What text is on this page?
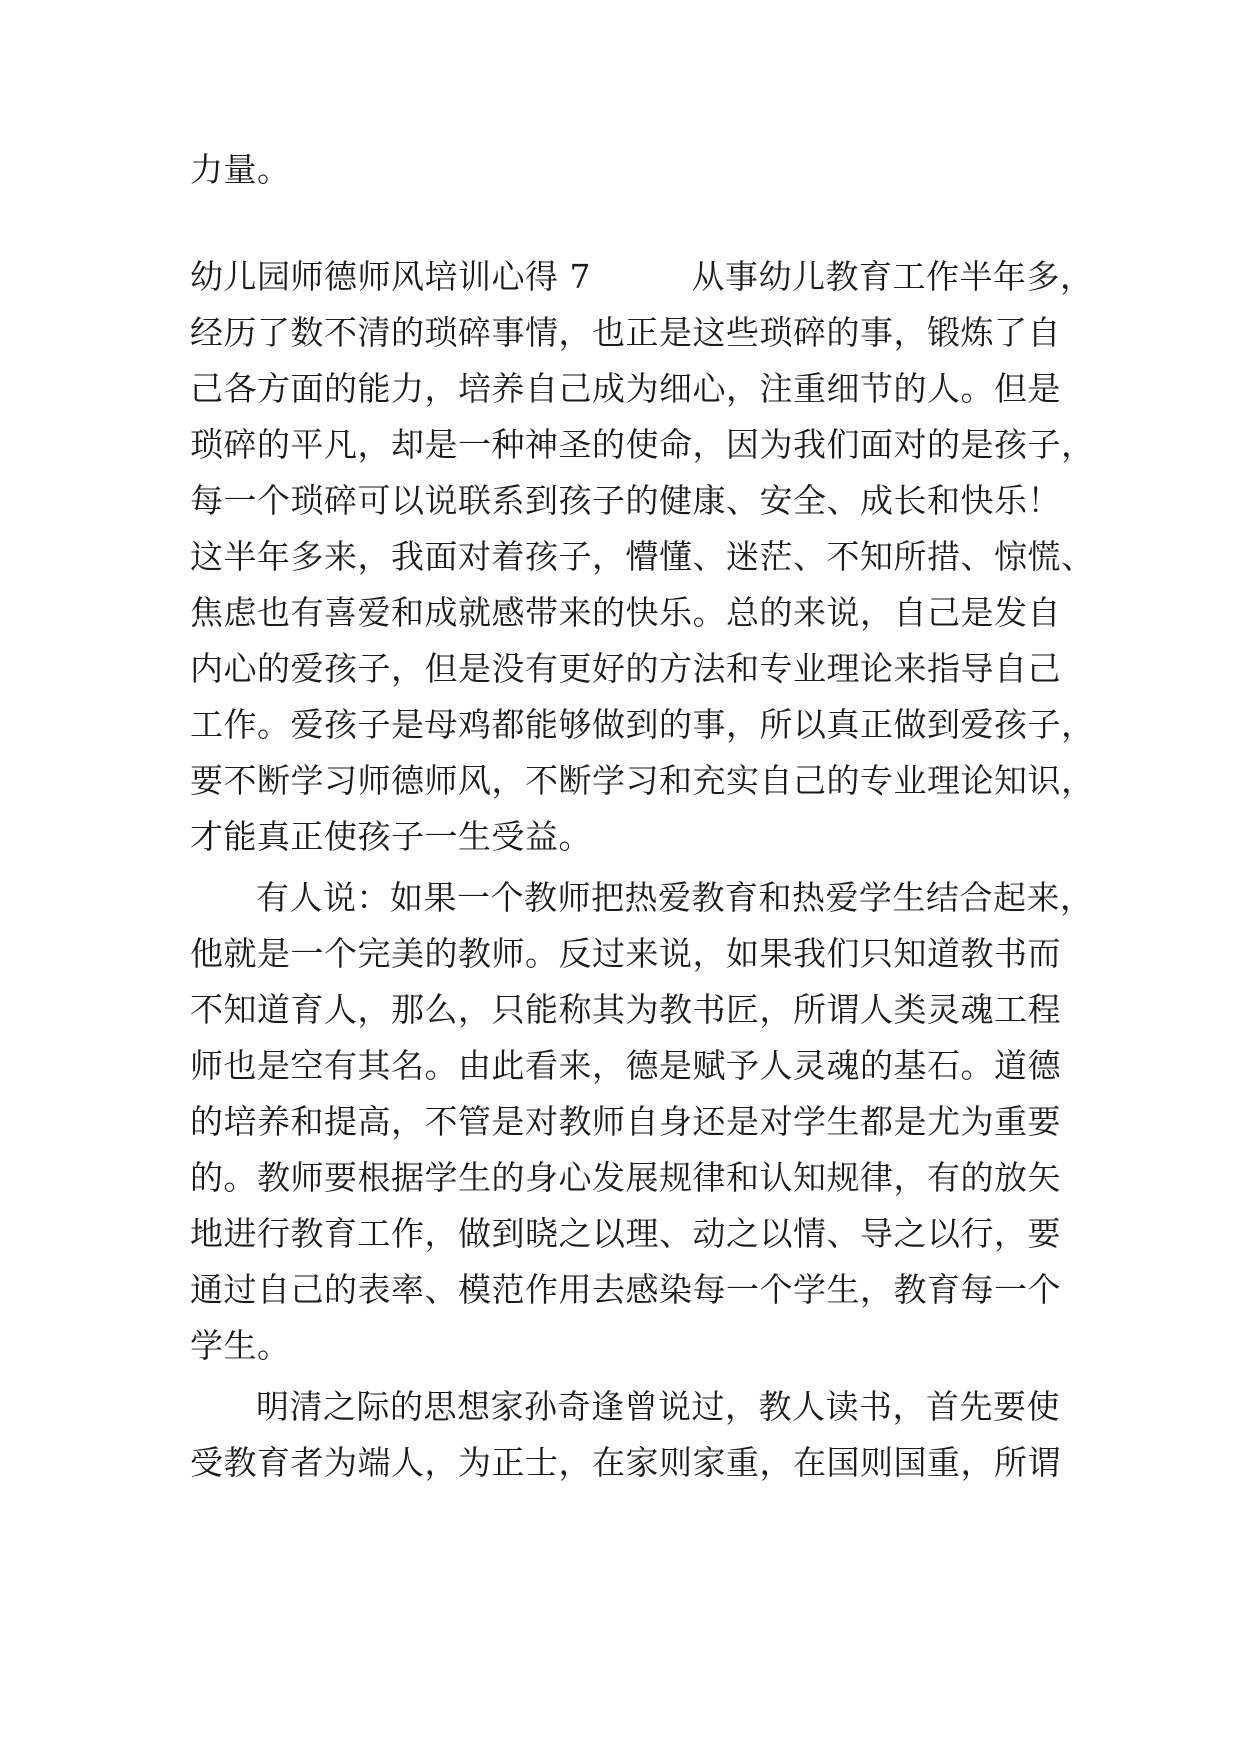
力量。
幼儿园师德师风培训心得 7　　　从事幼儿教育工作半年多，
经历了数不清的琐碎事情，也正是这些琐碎的事，锻炼了自
己各方面的能力，培养自己成为细心，注重细节的人。但是
琐碎的平凡，却是一种神圣的使命，因为我们面对的是孩子，
每一个琐碎可以说联系到孩子的健康、安全、成长和快乐！
这半年多来，我面对着孩子，懵懂、迷茫、不知所措、惊慌、
焦虑也有喜爱和成就感带来的快乐。总的来说，自己是发自
内心的爱孩子，但是没有更好的方法和专业理论来指导自己
工作。爱孩子是母鸡都能够做到的事，所以真正做到爱孩子，
要不断学习师德师风，不断学习和充实自己的专业理论知识，
才能真正使孩子一生受益。
有人说：如果一个教师把热爱教育和热爱学生结合起来，
他就是一个完美的教师。反过来说，如果我们只知道教书而
不知道育人，那么，只能称其为教书匠，所谓人类灵魂工程
师也是空有其名。由此看来，德是赋予人灵魂的基石。道德
的培养和提高，不管是对教师自身还是对学生都是尤为重要
的。教师要根据学生的身心发展规律和认知规律，有的放矢
地进行教育工作，做到晓之以理、动之以情、导之以行，要
通过自己的表率、模范作用去感染每一个学生，教育每一个
学生。
明清之际的思想家孙奇逢曾说过，教人读书，首先要使
受教育者为端人，为正士，在家则家重，在国则国重，所谓
